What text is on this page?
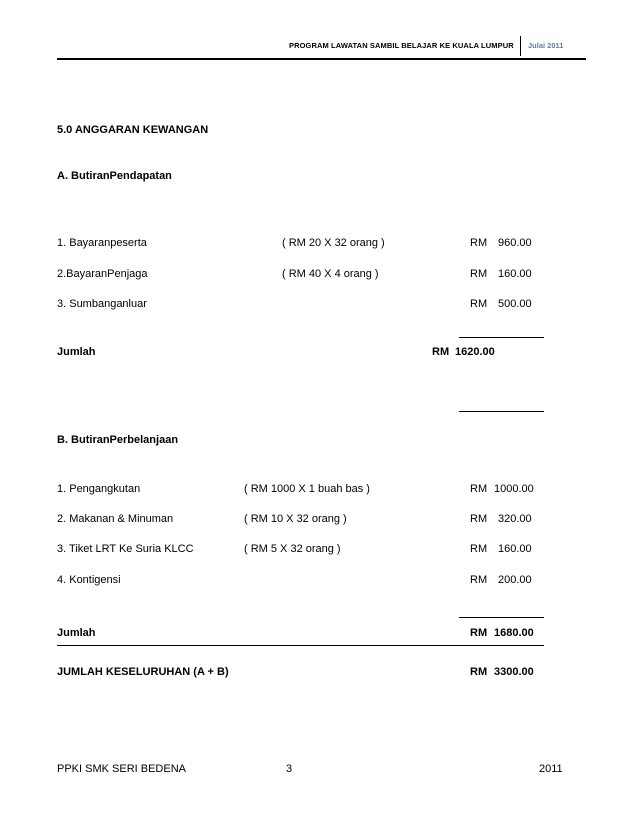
PROGRAM LAWATAN SAMBIL BELAJAR KE KUALA LUMPUR Julai 2011
5.0 ANGGARAN KEWANGAN
A. ButiranPendapatan
1. Bayaranpeserta	( RM 20 X 32 orang )	RM 960.00
2.BayaranPenjaga	( RM 40 X 4 orang )	RM 160.00
3. Sumbanganluar	RM 500.00
Jumlah	RM 1620.00
B. ButiranPerbelanjaan
1. Pengangkutan	( RM 1000 X 1 buah bas )	RM 1000.00
2. Makanan & Minuman	( RM 10 X 32 orang )	RM 320.00
3. Tiket LRT Ke Suria KLCC	( RM 5 X 32 orang )	RM 160.00
4. Kontigensi	RM 200.00
Jumlah	RM 1680.00
JUMLAH KESELURUHAN (A + B)	RM 3300.00
PPKI SMK SERI BEDENA	3	2011
